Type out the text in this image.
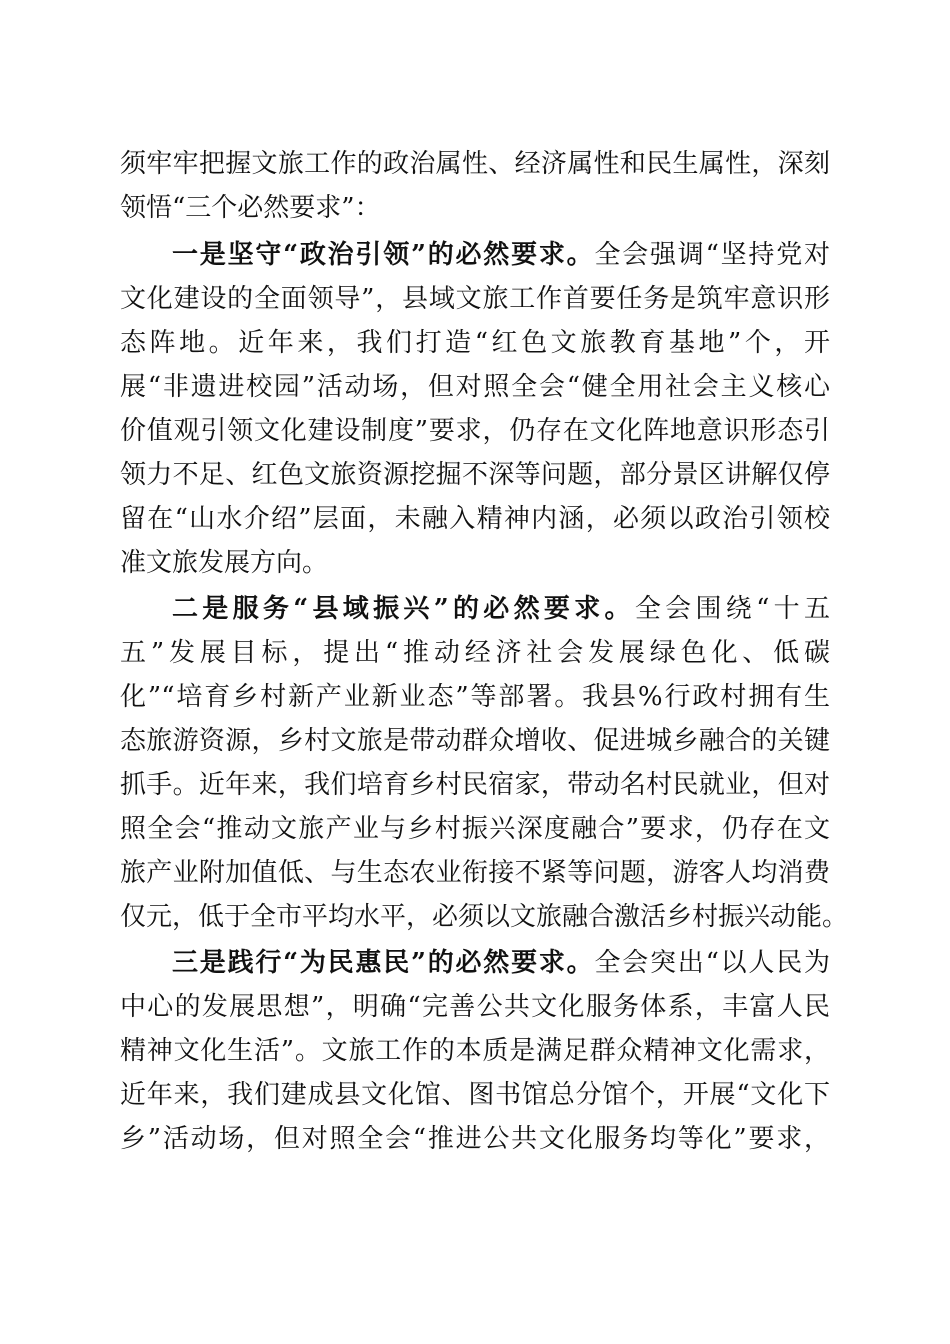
须牢牢把握文旅工作的政治属性、经济属性和民生属性，深刻
领悟“三个必然要求”：
一是坚守“政治引领”的必然要求。全会强调“坚持党对
文化建设的全面领导”，县域文旅工作首要任务是筑牢意识形
态阵地。近年来，我们打造“红色文旅教育基地”个，开
展“非遗进校园”活动场，但对照全会“健全用社会主义核心
价值观引领文化建设制度”要求，仍存在文化阵地意识形态引
领力不足、红色文旅资源挖掘不深等问题，部分景区讲解仅停
留在“山水介绍”层面，未融入精神内涵，必须以政治引领校
准文旅发展方向。
二是服务“县域振兴”的必然要求。全会围绕“十五
五”发展目标，提出“推动经济社会发展绿色化、低碳
化”“培育乡村新产业新业态”等部署。我县%行政村拥有生
态旅游资源，乡村文旅是带动群众增收、促进城乡融合的关键
抓手。近年来，我们培育乡村民宿家，带动名村民就业，但对
照全会“推动文旅产业与乡村振兴深度融合”要求，仍存在文
旅产业附加值低、与生态农业衔接不紧等问题，游客人均消费
仅元，低于全市平均水平，必须以文旅融合激活乡村振兴动能。
三是践行“为民惠民”的必然要求。全会突出“以人民为
中心的发展思想”，明确“完善公共文化服务体系，丰富人民
精神文化生活”。文旅工作的本质是满足群众精神文化需求，
近年来，我们建成县文化馆、图书馆总分馆个，开展“文化下
乡”活动场，但对照全会“推进公共文化服务均等化”要求，
